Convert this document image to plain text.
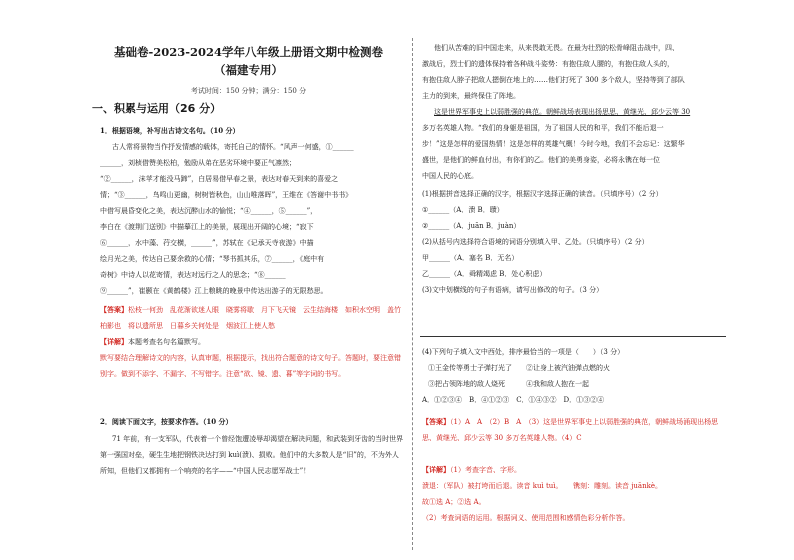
基础卷-2023-2024学年八年级上册语文期中检测卷
（福建专用）
考试时间：150 分钟；满分：150 分
一、积累与运用（26 分）
1．根据语境，补写出古诗文名句。（10 分）
古人常将景物当作抒发情感的载体，寄托自己的情怀。“风声一何盛，①______
______，刘桢借赞美松柏，勉励从弟在恶劣环境中要正气凛然；
“②______，沫苹才能没马蹄”，白居易借早春之景，表达对春天到来的喜爱之
情；“③______，鸟鸣山更幽，树树皆秋色，山山唯落晖”，王维在《答谢中书书》
中借写晨昏变化之美，表达沉醉山水的愉悦；“④______，⑤______”，
李白在《渡荆门送别》中描摹江上的美景，展现出开阔的心境；“寂下
⑥______，水中藻、荇交横，______”，苏轼在《记承天寺夜游》中描
绘月光之美，传达自己要余救的心情；“琴书抓其乐，⑦______，《庭中有
奇树》中诗人以花寄情，表达对远行之人的思念；“⑧______
⑨______”，崔颢在《黄鹤楼》江上粮眺的晚景中传达出游子的无限愁思。
【答案】松枝一何劲　乱花渐欲迷人眼　晓雾将歇　月下飞天镜　云生结海楼　如积水空明　盖竹柏影也　将以遗所思　日暮乡关何处是　烟波江上使人愁
【详解】本题考查名句名篇默写。
默写要结合理解诗文的内容，认真审题，根据提示，找出符合题意的诗文句子。答题时，要注意错别字。做到不添字、不漏字、不写错字。注意“欲、镜、遗、暮”等字词的书写。
2．阅读下面文字，按要求作答。（10 分）
71 年前，有一支军队，代表着一个曾经饱遭凌辱却渴望在解决问题，和武装到牙齿的当时世界第一强国对垒，硬生生地把钢铁决达打到 kuì(溃)、损败。他们中的大多数人是“旧”的，不为外人所知，但他们又都拥有一个响亮的名字——“中国人民志愿军战士”！
他们从苦难的旧中国走来，从来畏敢无畏。在最为壮烈的松骨峰阻击战中，四、
激战后，烈士们的遗体保持着各种战斗姿势：有抱住敌人腰的，有抱住敌人头的，
有抱住敌人脖子把敌人摁倒在地上的……他们打死了 300 多个敌人，坚持等到了部队
主力的到来，最终保住了阵地。
这是世界军事史上以弱胜强的典范。朝鲜战场表现出扬思思、黄继光、邱少云等 30
多万名英雄人物。“我们的身躯是祖国，为了祖国人民的和平，我们不能后退一
步！”这是怎样的爱国热情！这是怎样的英雄气概！今时今地，我们不会忘记：这繁华
盛世，是他们的鲜血付出，有你们的乙。他们的美勇身姿，必将永镌在每一位
中国人民的心底。
(1)根据拼音选择正确的汉字，根据汉字选择正确的读音。（只填序号）（2 分）
①______（A．溃 B．聩）
②______（A．juān B．juàn）
(2)从括号内选择符合语境的词语分别填入甲、乙处。（只填序号）（2 分）
甲______（A．塞名 B．无名）
乙______（A．舜精竭虑 B．处心积虑）
(3)文中划横线的句子有语病，请写出修改的句子。（3 分）
(4)下列句子填入文中西处，排序最恰当的一项是（　　）（3 分）
①王金传等勇士子弹打光了　　②让身上被汽油弹点燃的火
③把占领阵地的敌人烧死　　　④我和敌人抱在一起
A．①②③④　B．④①②③　C．①④③②　D．①③②④
【答案】（1）A　A　（2）B　A　（3）这是世界军事史上以弱胜强的典范，朝鲜战场涌现出杨思思、黄继光、邱少云等 30 多万名英雄人物。（4）C
【详解】（1）考查字音、字形。
溃退：（军队）被打垮而后退。读音 kuì tuì。　　镌刻：雕刻。读音 juānkè。
故①选 A；②选 A。
（2）考查词语的运用。根据词义、使用范围和感情色彩分析作答。
